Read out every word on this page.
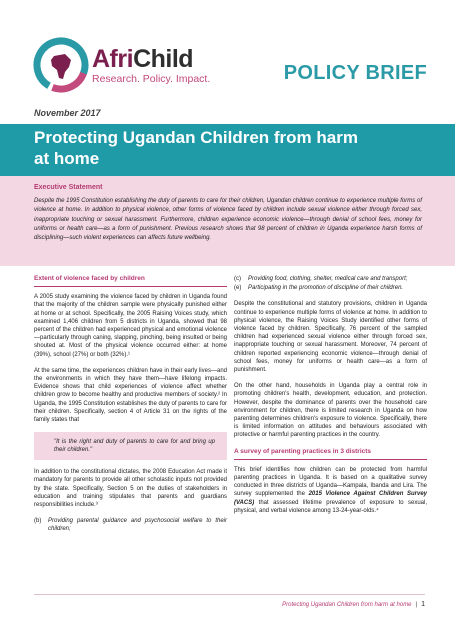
AfriChild
Research. Policy. Impact.	POLICY BRIEF
November 2017
Protecting Ugandan Children from harm at home
Executive Statement
Despite the 1995 Constitution establishing the duty of parents to care for their children, Ugandan children continue to experience multiple forms of violence at home. In addition to physical violence, other forms of violence faced by children include sexual violence either through forced sex, inappropriate touching or sexual harassment. Furthermore, children experience economic violence—through denial of school fees, money for uniforms or health care—as a form of punishment. Previous research shows that 98 percent of children in Uganda experience harsh forms of disciplining—such violent experiences can affects future wellbeing.
Extent of violence faced by children

A 2005 study examining the violence faced by children in Uganda found that the majority of the children sample were physically punished either at home or at school. Specifically, the 2005 Raising Voices study, which examined 1,406 children from 5 districts in Uganda, showed that 98 percent of the children had experienced physical and emotional violence—particularly through caning, slapping, pinching, being insulted or being shouted at. Most of the physical violence occurred either: at home (39%), school (27%) or both (32%).¹

At the same time, the experiences children have in their early lives—and the environments in which they have them—have lifelong impacts. Evidence shows that child experiences of violence affect whether children grow to become healthy and productive members of society.² In Uganda, the 1995 Constitution establishes the duty of parents to care for their children. Specifically, section 4 of Article 31 on the rights of the family states that

"It is the right and duty of parents to care for and bring up their children."

In addition to the constitutional dictates, the 2008 Education Act made it mandatory for parents to provide all other scholastic inputs not provided by the state. Specifically, Section 5 on the duties of stakeholders in education and training stipulates that parents and guardians responsibilities include.³

(b)	Providing parental guidance and psychosocial welfare to their children;
(c)	Providing food, clothing, shelter, medical care and transport;
(e)	Participating in the promotion of discipline of their children.

Despite the constitutional and statutory provisions, children in Uganda continue to experience multiple forms of violence at home. In addition to physical violence, the Raising Voices Study identified other forms of violence faced by children. Specifically, 76 percent of the sampled children had experienced sexual violence either through forced sex, inappropriate touching or sexual harassment. Moreover, 74 percent of children reported experiencing economic violence—through denial of school fees, money for uniforms or health care—as a form of punishment.

On the other hand, households in Uganda play a central role in promoting children's health, development, education, and protection. However, despite the dominance of parents over the household care environment for children, there is limited research in Uganda on how parenting determines children's exposure to violence. Specifically, there is limited information on attitudes and behaviours associated with protective or harmful parenting practices in the country.

A survey of parenting practices in 3 districts

This brief identifies how children can be protected from harmful parenting practices in Uganda. It is based on a qualitative survey conducted in three districts of Uganda—Kampala, Ibanda and Lira. The survey supplemented the 2015 Violence Against Children Survey (VACS) that assessed lifetime prevalence of exposure to sexual, physical, and verbal violence among 13-24-year-olds.⁴

Protecting Ugandan Children from harm at home | 1
